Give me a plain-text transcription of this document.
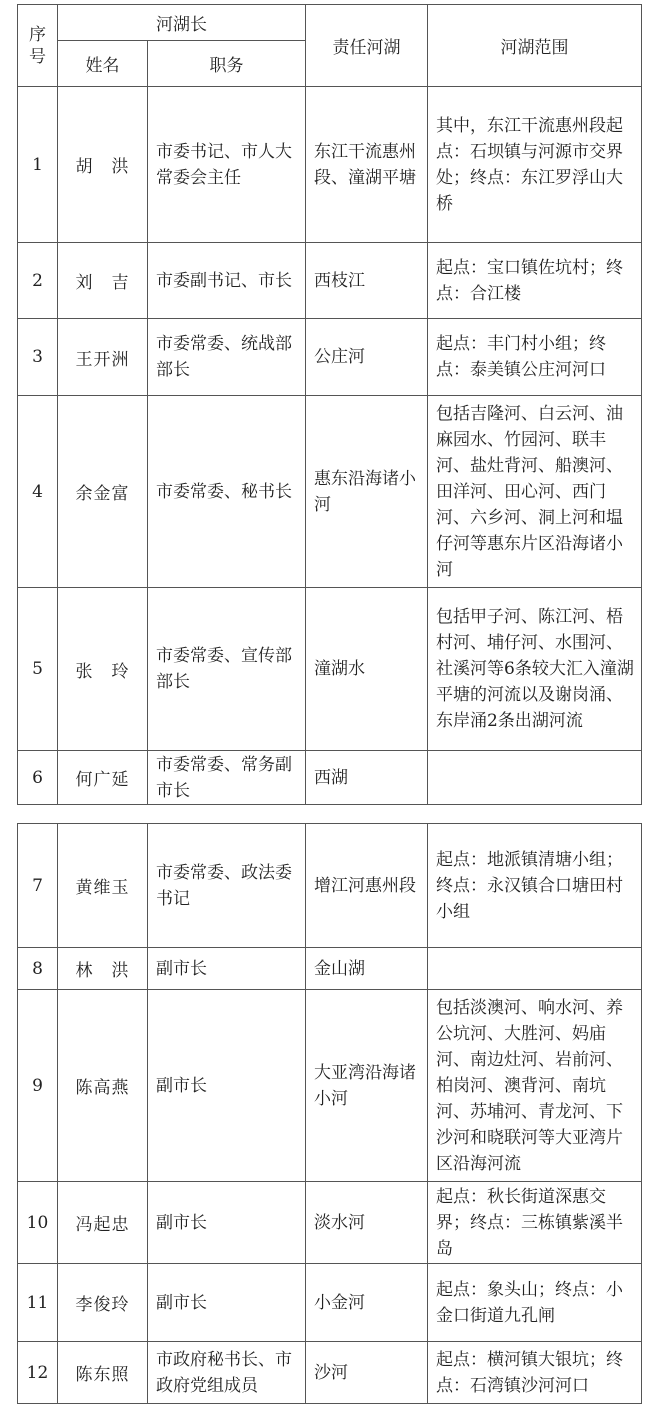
序号	河湖长		责任河湖	河湖范围
	姓名	职务		
1	胡　洪	市委书记、市人大常委会主任	东江干流惠州段、潼湖平塘	其中，东江干流惠州段起点：石坝镇与河源市交界处；终点：东江罗浮山大桥
2	刘　吉	市委副书记、市长	西枝江	起点：宝口镇佐坑村；终点：合江楼
3	王开洲	市委常委、统战部部长	公庄河	起点：丰门村小组；终点：泰美镇公庄河河口
4	余金富	市委常委、秘书长	惠东沿海诸小河	包括吉隆河、白云河、油麻园水、竹园河、联丰河、盐灶背河、船澳河、田洋河、田心河、西门河、六乡河、洞上河和塭仔河等惠东片区沿海诸小河
5	张　玲	市委常委、宣传部部长	潼湖水	包括甲子河、陈江河、梧村河、埔仔河、水围河、社溪河等6条较大汇入潼湖平塘的河流以及谢岗涌、东岸涌2条出湖河流
6	何广延	市委常委、常务副市长	西湖	
7	黄维玉	市委常委、政法委书记	增江河惠州段	起点：地派镇清塘小组；终点：永汉镇合口塘田村小组
8	林　洪	副市长	金山湖	
9	陈高燕	副市长	大亚湾沿海诸小河	包括淡澳河、响水河、养公坑河、大胜河、妈庙河、南边灶河、岩前河、柏岗河、澳背河、南坑河、苏埔河、青龙河、下沙河和晓联河等大亚湾片区沿海河流
10	冯起忠	副市长	淡水河	起点：秋长街道深惠交界；终点：三栋镇紫溪半岛
11	李俊玲	副市长	小金河	起点：象头山；终点：小金口街道九孔闸
12	陈东照	市政府秘书长、市政府党组成员	沙河	起点：横河镇大银坑；终点：石湾镇沙河河口
